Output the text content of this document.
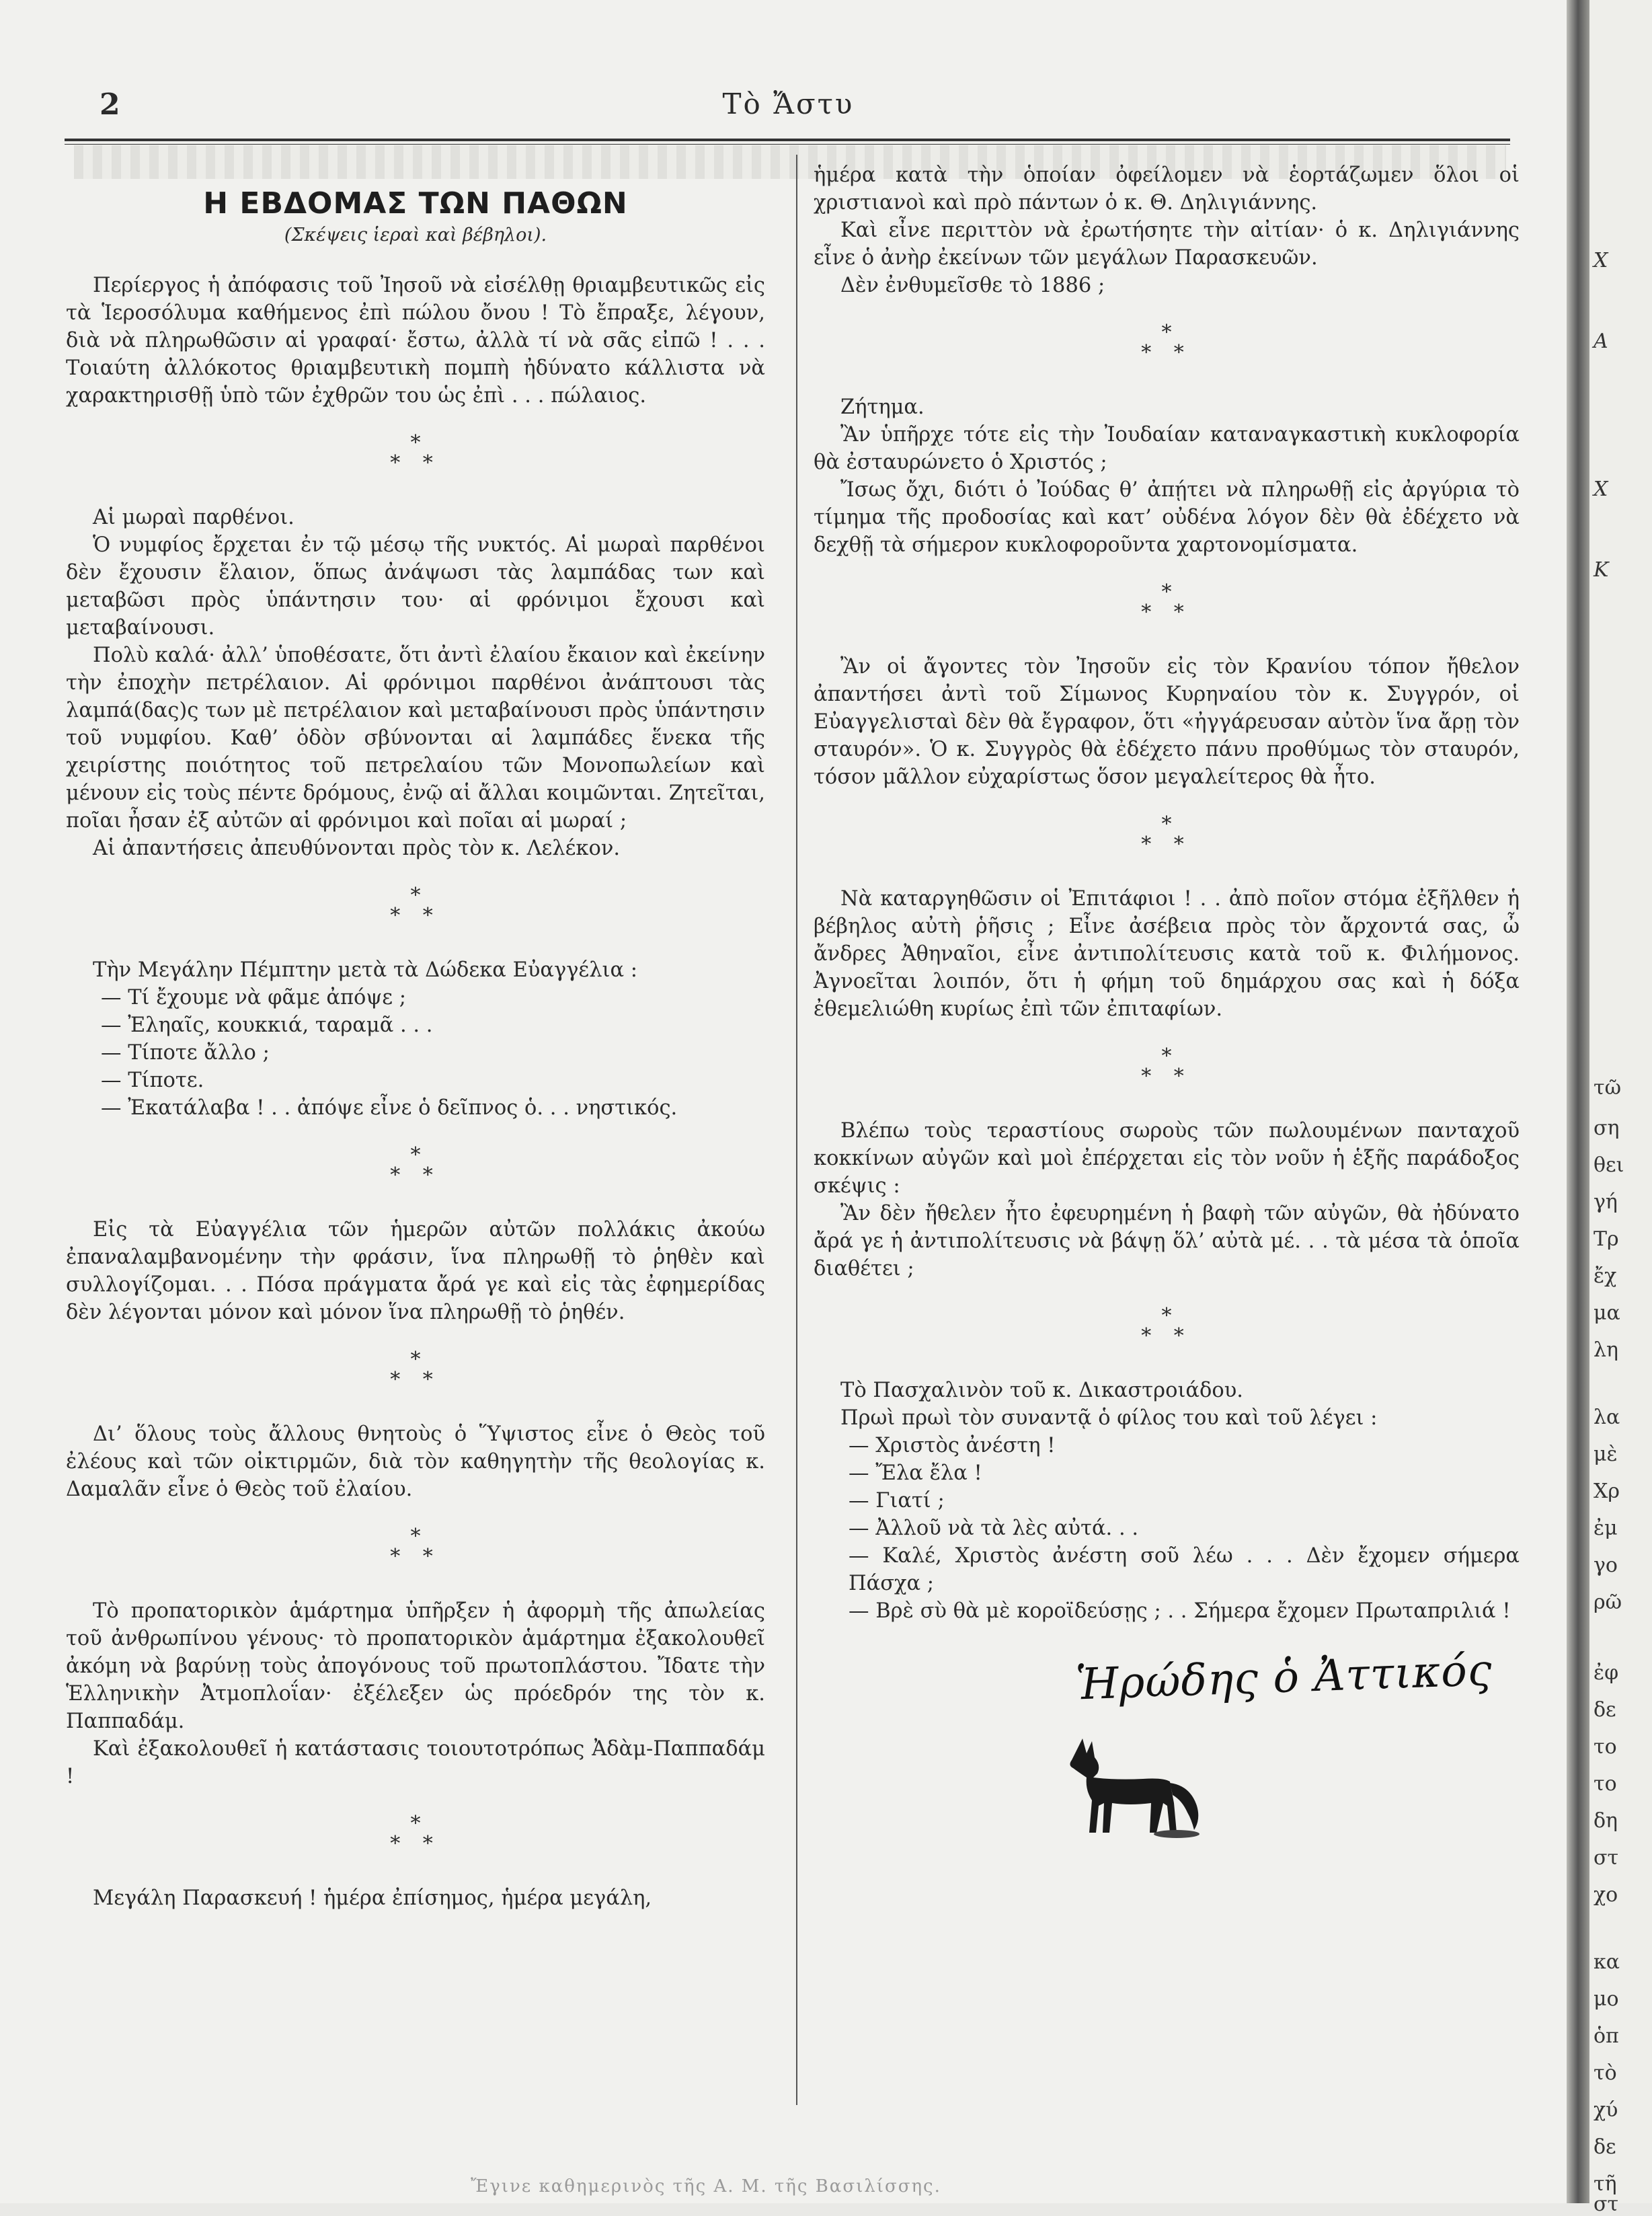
2	Τὸ Ἄστυ
Η ΕΒΔΟΜΑΣ ΤΩΝ ΠΑΘΩΝ
(Σκέψεις ἱεραὶ καὶ βέβηλοι).

Περίεργος ἡ ἀπόφασις τοῦ Ἰησοῦ νὰ εἰσέλθῃ θριαμβευτικῶς εἰς τὰ Ἱεροσόλυμα καθήμενος ἐπὶ πώλου ὄνου ! Τὸ ἔπραξε, λέγουν, διὰ νὰ πληρωθῶσιν αἱ γραφαί· ἔστω, ἀλλὰ τί νὰ σᾶς εἰπῶ ! . . . Τοιαύτη ἀλλόκοτος θριαμβευτικὴ πομπὴ ἠδύνατο κάλλιστα νὰ χαρακτηρισθῇ ὑπὸ τῶν ἐχθρῶν του ὡς ἐπὶ . . . πώλαιος.

*
* *

Αἱ μωραὶ παρθένοι.

Ὁ νυμφίος ἔρχεται ἐν τῷ μέσῳ τῆς νυκτός. Αἱ μωραὶ παρθένοι δὲν ἔχουσιν ἔλαιον, ὅπως ἀνάψωσι τὰς λαμπάδας των καὶ μεταβῶσι πρὸς ὑπάντησιν του· αἱ φρόνιμοι ἔχουσι καὶ μεταβαίνουσι.

Πολὺ καλά· ἀλλ’ ὑποθέσατε, ὅτι ἀντὶ ἐλαίου ἔκαιον καὶ ἐκείνην τὴν ἐποχὴν πετρέλαιον. Αἱ φρόνιμοι παρθένοι ἀνάπτουσι τὰς λαμπά(δας)ς των μὲ πετρέλαιον καὶ μεταβαίνουσι πρὸς ὑπάντησιν τοῦ νυμφίου. Καθ’ ὁδὸν σβύνονται αἱ λαμπάδες ἕνεκα τῆς χειρίστης ποιότητος τοῦ πετρελαίου τῶν Μονοπωλείων καὶ μένουν εἰς τοὺς πέντε δρόμους, ἐνῷ αἱ ἄλλαι κοιμῶνται. Ζητεῖται, ποῖαι ἦσαν ἐξ αὐτῶν αἱ φρόνιμοι καὶ ποῖαι αἱ μωραί ;

Αἱ ἀπαντήσεις ἀπευθύνονται πρὸς τὸν κ. Λελέκον.

*
* *

Τὴν Μεγάλην Πέμπτην μετὰ τὰ Δώδεκα Εὐαγγέλια :

— Τί ἔχουμε νὰ φᾶμε ἀπόψε ;

— Ἐληαῖς, κουκκιά, ταραμᾶ . . .

— Τίποτε ἄλλο ;

— Τίποτε.

— Ἐκατάλαβα ! . . ἀπόψε εἶνε ὁ δεῖπνος ὁ. . . νηστικός.

*
* *

Εἰς τὰ Εὐαγγέλια τῶν ἡμερῶν αὐτῶν πολλάκις ἀκούω ἐπαναλαμβανομένην τὴν φράσιν, ἵνα πληρωθῇ τὸ ῥηθὲν καὶ συλλογίζομαι. . . Πόσα πράγματα ἄρά γε καὶ εἰς τὰς ἐφημερίδας δὲν λέγονται μόνον καὶ μόνον ἵνα πληρωθῇ τὸ ῥηθέν.

*
* *

Δι’ ὅλους τοὺς ἄλλους θνητοὺς ὁ Ὕψιστος εἶνε ὁ Θεὸς τοῦ ἐλέους καὶ τῶν οἰκτιρμῶν, διὰ τὸν καθηγητὴν τῆς θεολογίας κ. Δαμαλᾶν εἶνε ὁ Θεὸς τοῦ ἐλαίου.

*
* *

Τὸ προπατορικὸν ἁμάρτημα ὑπῆρξεν ἡ ἀφορμὴ τῆς ἀπωλείας τοῦ ἀνθρωπίνου γένους· τὸ προπατορικὸν ἁμάρτημα ἐξακολουθεῖ ἀκόμη νὰ βαρύνῃ τοὺς ἀπογόνους τοῦ πρωτοπλάστου. Ἴδατε τὴν Ἑλληνικὴν Ἀτμοπλοΐαν· ἐξέλεξεν ὡς πρόεδρόν της τὸν κ. Παππαδάμ.

Καὶ ἐξακολουθεῖ ἡ κατάστασις τοιουτοτρόπως Ἀδὰμ-Παππαδάμ !

*
* *

Μεγάλη Παρασκευή ! ἡμέρα ἐπίσημος, ἡμέρα μεγάλη,

ἡμέρα κατὰ τὴν ὁποίαν ὀφείλομεν νὰ ἑορτάζωμεν ὅλοι οἱ χριστιανοὶ καὶ πρὸ πάντων ὁ κ. Θ. Δηλιγιάννης.

Καὶ εἶνε περιττὸν νὰ ἐρωτήσητε τὴν αἰτίαν· ὁ κ. Δηλιγιάννης εἶνε ὁ ἀνὴρ ἐκείνων τῶν μεγάλων Παρασκευῶν.

Δὲν ἐνθυμεῖσθε τὸ 1886 ;

*
* *

Ζήτημα.

Ἂν ὑπῆρχε τότε εἰς τὴν Ἰουδαίαν καταναγκαστικὴ κυκλοφορία θὰ ἐσταυρώνετο ὁ Χριστός ;

Ἴσως ὄχι, διότι ὁ Ἰούδας θ’ ἀπῄτει νὰ πληρωθῇ εἰς ἀργύρια τὸ τίμημα τῆς προδοσίας καὶ κατ’ οὐδένα λόγον δὲν θὰ ἐδέχετο νὰ δεχθῇ τὰ σήμερον κυκλοφοροῦντα χαρτονομίσματα.

*
* *

Ἂν οἱ ἄγοντες τὸν Ἰησοῦν εἰς τὸν Κρανίου τόπον ἤθελον ἀπαντήσει ἀντὶ τοῦ Σίμωνος Κυρηναίου τὸν κ. Συγγρόν, οἱ Εὐαγγελισταὶ δὲν θὰ ἔγραφον, ὅτι «ἠγγάρευσαν αὐτὸν ἵνα ἄρῃ τὸν σταυρόν». Ὁ κ. Συγγρὸς θὰ ἐδέχετο πάνυ προθύμως τὸν σταυρόν, τόσον μᾶλλον εὐχαρίστως ὅσον μεγαλείτερος θὰ ἦτο.

*
* *

Νὰ καταργηθῶσιν οἱ Ἐπιτάφιοι ! . . ἀπὸ ποῖον στόμα ἐξῆλθεν ἡ βέβηλος αὐτὴ ῥῆσις ; Εἶνε ἀσέβεια πρὸς τὸν ἄρχοντά σας, ὦ ἄνδρες Ἀθηναῖοι, εἶνε ἀντιπολίτευσις κατὰ τοῦ κ. Φιλήμονος. Ἀγνοεῖται λοιπόν, ὅτι ἡ φήμη τοῦ δημάρχου σας καὶ ἡ δόξα ἐθεμελιώθη κυρίως ἐπὶ τῶν ἐπιταφίων.

*
* *

Βλέπω τοὺς τεραστίους σωροὺς τῶν πωλουμένων πανταχοῦ κοκκίνων αὐγῶν καὶ μοὶ ἐπέρχεται εἰς τὸν νοῦν ἡ ἑξῆς παράδοξος σκέψις :

Ἂν δὲν ἤθελεν ἦτο ἐφευρημένη ἡ βαφὴ τῶν αὐγῶν, θὰ ἠδύνατο ἄρά γε ἡ ἀντιπολίτευσις νὰ βάψῃ ὅλ’ αὐτὰ μέ. . . τὰ μέσα τὰ ὁποῖα διαθέτει ;

*
* *

Τὸ Πασχαλινὸν τοῦ κ. Δικαστροιάδου.

Πρωὶ πρωὶ τὸν συναντᾷ ὁ φίλος του καὶ τοῦ λέγει :

— Χριστὸς ἀνέστη !

— Ἔλα ἔλα !

— Γιατί ;

— Ἀλλοῦ νὰ τὰ λὲς αὐτά. . .

— Καλέ, Χριστὸς ἀνέστη σοῦ λέω . . . Δὲν ἔχομεν σήμερα Πάσχα ;

— Βρὲ σὺ θὰ μὲ κοροϊδεύσῃς ; . . Σήμερα ἔχομεν Πρωταπριλιά !

Ἡρώδης ὁ Ἀττικός
Ἔγινε καθημερινὸς τῆς Α. Μ. τῆς Βασιλίσσης.
Χ
Α
Χ
Κ
τῶ
ση
θει
γή
Τρ
ἔχ
μα
λη
λα
μὲ
Χρ
ἐμ
γο
ρῶ
ἐφ
δε
το
το
δη
στ
χο
κα
μο
ὁπ
τὸ
χύ
δε
τῆ
στ
